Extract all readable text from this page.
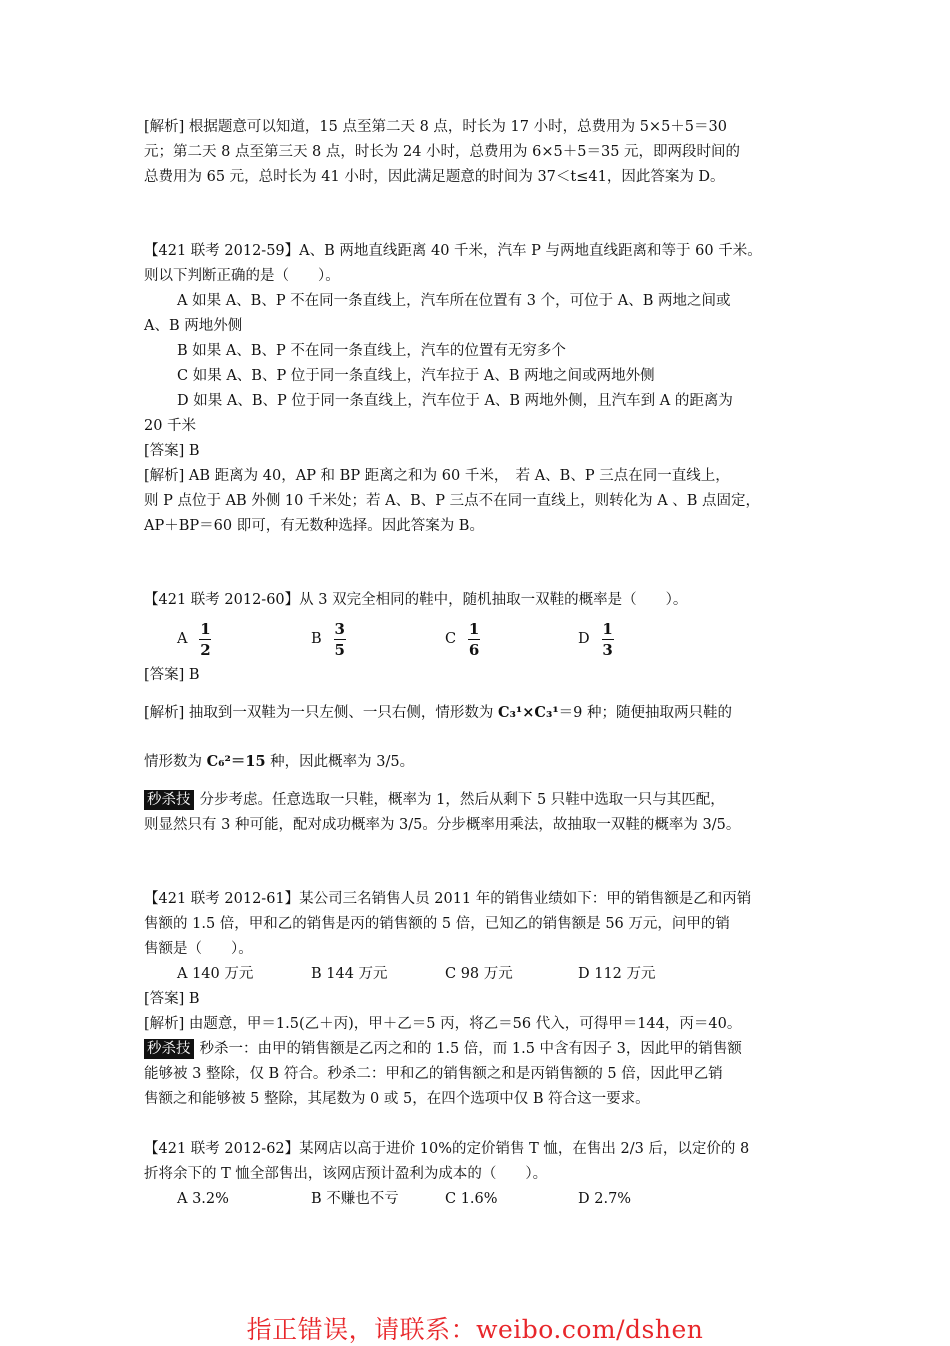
[解析] 根据题意可以知道，15 点至第二天 8 点，时长为 17 小时，总费用为 5×5＋5＝30
元；第二天 8 点至第三天 8 点，时长为 24 小时，总费用为 6×5＋5＝35 元，即两段时间的
总费用为 65 元，总时长为 41 小时，因此满足题意的时间为 37＜t≤41，因此答案为 D。

【421 联考 2012-59】A、B 两地直线距离 40 千米，汽车 P 与两地直线距离和等于 60 千米。
则以下判断正确的是（　　）。
A 如果 A、B、P 不在同一条直线上，汽车所在位置有 3 个，可位于 A、B 两地之间或
A、B 两地外侧
B 如果 A、B、P 不在同一条直线上，汽车的位置有无穷多个
C 如果 A、B、P 位于同一条直线上，汽车拉于 A、B 两地之间或两地外侧
D 如果 A、B、P 位于同一条直线上，汽车位于 A、B 两地外侧，且汽车到 A 的距离为
20 千米
[答案] B
[解析] AB 距离为 40，AP 和 BP 距离之和为 60 千米，　若 A、B、P 三点在同一直线上，
则 P 点位于 AB 外侧 10 千米处；若 A、B、P 三点不在同一直线上，则转化为 A 、B 点固定，
AP＋BP＝60 即可，有无数种选择。因此答案为 B。

【421 联考 2012-60】从 3 双完全相同的鞋中，随机抽取一双鞋的概率是（　　）。

A $\frac{1}{2}$	B $\frac{3}{5}$	C $\frac{1}{6}$	D $\frac{1}{3}$

[答案] B

[解析] 抽取到一双鞋为一只左侧、一只右侧，情形数为 C₃¹×C₃¹＝9 种；随便抽取两只鞋的

情形数为 C₆²＝15 种，因此概率为 3/5。

秒杀技 分步考虑。任意选取一只鞋，概率为 1，然后从剩下 5 只鞋中选取一只与其匹配，
则显然只有 3 种可能，配对成功概率为 3/5。分步概率用乘法，故抽取一双鞋的概率为 3/5。

【421 联考 2012-61】某公司三名销售人员 2011 年的销售业绩如下：甲的销售额是乙和丙销
售额的 1.5 倍，甲和乙的销售是丙的销售额的 5 倍，已知乙的销售额是 56 万元，问甲的销
售额是（　　）。

A 140 万元	B 144 万元	C 98 万元	D 112 万元

[答案] B
[解析] 由题意，甲＝1.5(乙＋丙)，甲＋乙＝5 丙，将乙＝56 代入，可得甲＝144，丙＝40。
秒杀技 秒杀一：由甲的销售额是乙丙之和的 1.5 倍，而 1.5 中含有因子 3，因此甲的销售额
能够被 3 整除，仅 B 符合。秒杀二：甲和乙的销售额之和是丙销售额的 5 倍，因此甲乙销
售额之和能够被 5 整除，其尾数为 0 或 5，在四个选项中仅 B 符合这一要求。

【421 联考 2012-62】某网店以高于进价 10%的定价销售 T 恤，在售出 2/3 后，以定价的 8
折将余下的 T 恤全部售出，该网店预计盈利为成本的（　　）。

A 3.2%	B 不赚也不亏	C 1.6%	D 2.7%
指正错误，请联系：weibo.com/dshen
